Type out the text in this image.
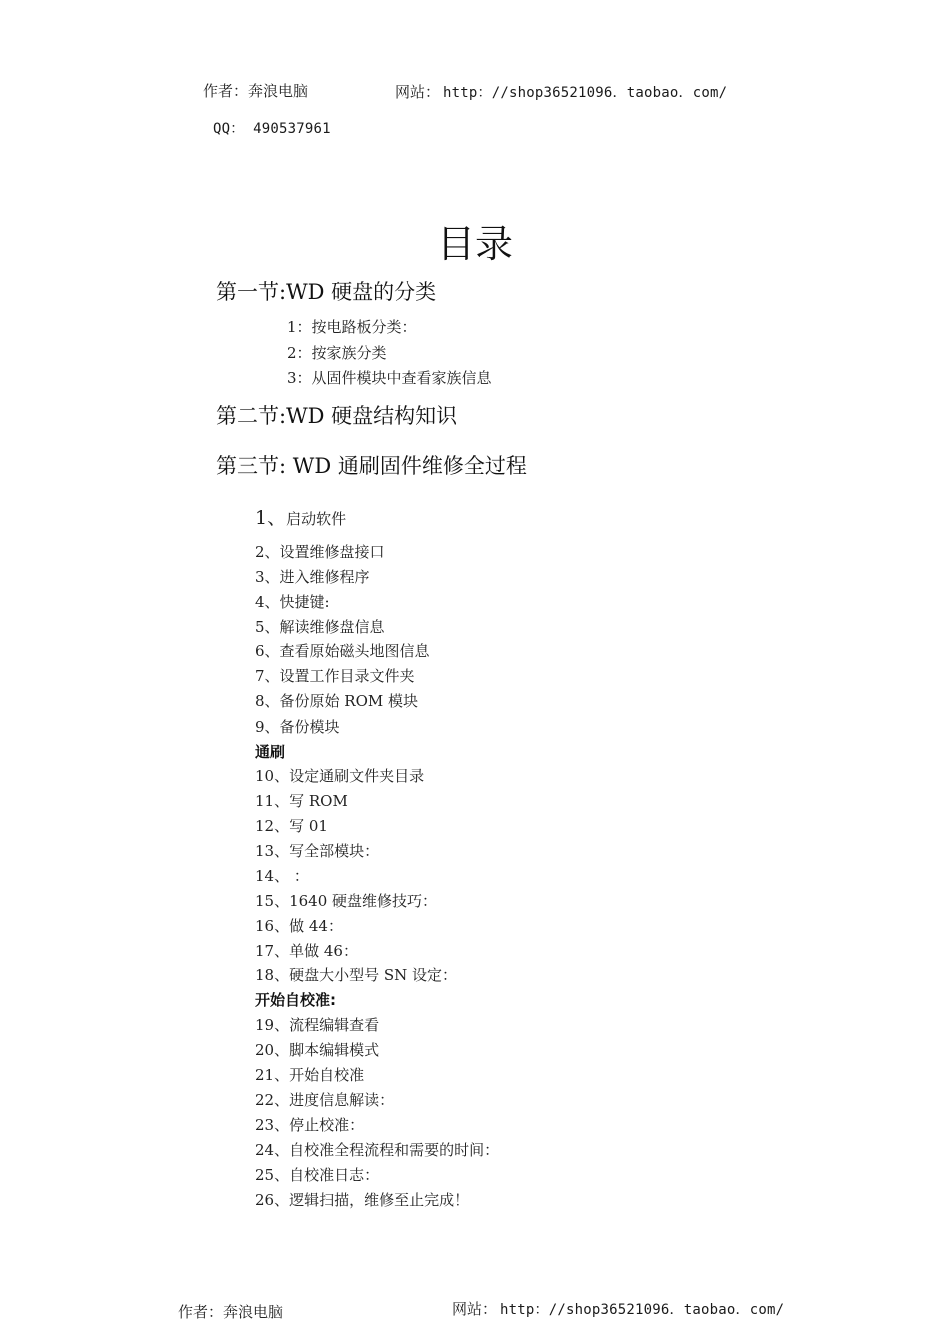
作者：奔浪电脑	网站： http：//shop36521096．taobao．com/
QQ： 490537961
目录
第一节:WD 硬盘的分类
1：按电路板分类：
2：按家族分类
3：从固件模块中查看家族信息
第二节:WD 硬盘结构知识
第三节: WD 通刷固件维修全过程
1、启动软件
2、设置维修盘接口
3、进入维修程序
4、快捷键:
5、解读维修盘信息
6、查看原始磁头地图信息
7、设置工作目录文件夹
8、备份原始 ROM 模块
9、备份模块
通刷
10、设定通刷文件夹目录
11、写 ROM
12、写 01
13、写全部模块：
14、 ：
15、1640 硬盘维修技巧：
16、做 44：
17、单做 46：
18、硬盘大小型号 SN 设定：
开始自校准:
19、流程编辑查看
20、脚本编辑模式
21、开始自校准
22、进度信息解读：
23、停止校准：
24、自校准全程流程和需要的时间：
25、自校准日志：
26、逻辑扫描，维修至止完成！
作者：奔浪电脑	网站： http：//shop36521096．taobao．com/
